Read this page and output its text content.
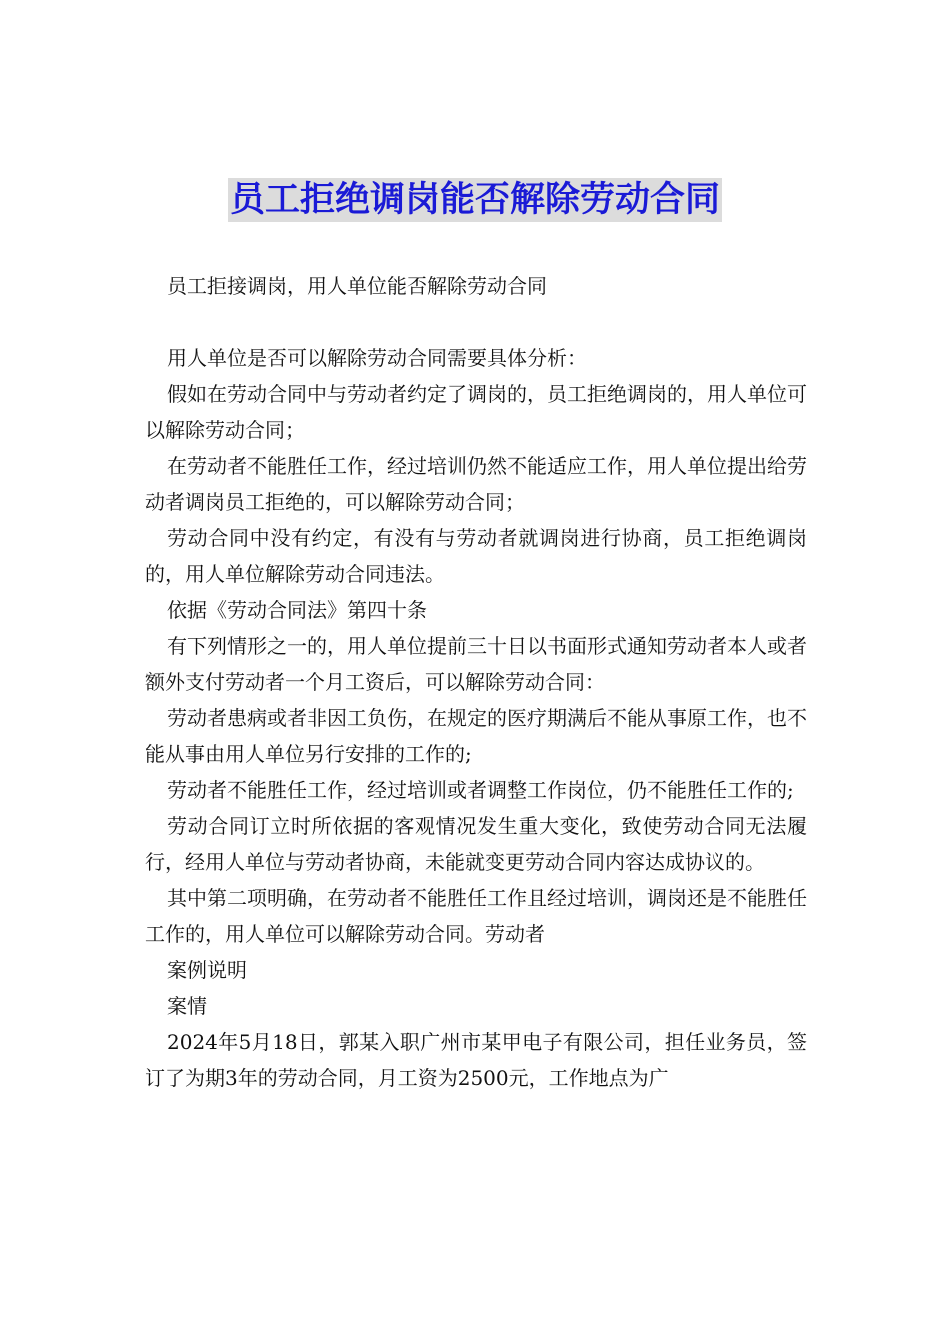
员工拒绝调岗能否解除劳动合同

员工拒接调岗，用人单位能否解除劳动合同

用人单位是否可以解除劳动合同需要具体分析：

假如在劳动合同中与劳动者约定了调岗的，员工拒绝调岗的，用人单位可以解除劳动合同；

在劳动者不能胜任工作，经过培训仍然不能适应工作，用人单位提出给劳动者调岗员工拒绝的，可以解除劳动合同；

劳动合同中没有约定，有没有与劳动者就调岗进行协商，员工拒绝调岗的，用人单位解除劳动合同违法。

依据《劳动合同法》第四十条

有下列情形之一的，用人单位提前三十日以书面形式通知劳动者本人或者额外支付劳动者一个月工资后，可以解除劳动合同：

劳动者患病或者非因工负伤，在规定的医疗期满后不能从事原工作，也不能从事由用人单位另行安排的工作的;

劳动者不能胜任工作，经过培训或者调整工作岗位，仍不能胜任工作的;

劳动合同订立时所依据的客观情况发生重大变化，致使劳动合同无法履行，经用人单位与劳动者协商，未能就变更劳动合同内容达成协议的。

其中第二项明确，在劳动者不能胜任工作且经过培训，调岗还是不能胜任工作的，用人单位可以解除劳动合同。劳动者

案例说明

案情

2024年5月18日，郭某入职广州市某甲电子有限公司，担任业务员，签订了为期3年的劳动合同，月工资为2500元，工作地点为广
